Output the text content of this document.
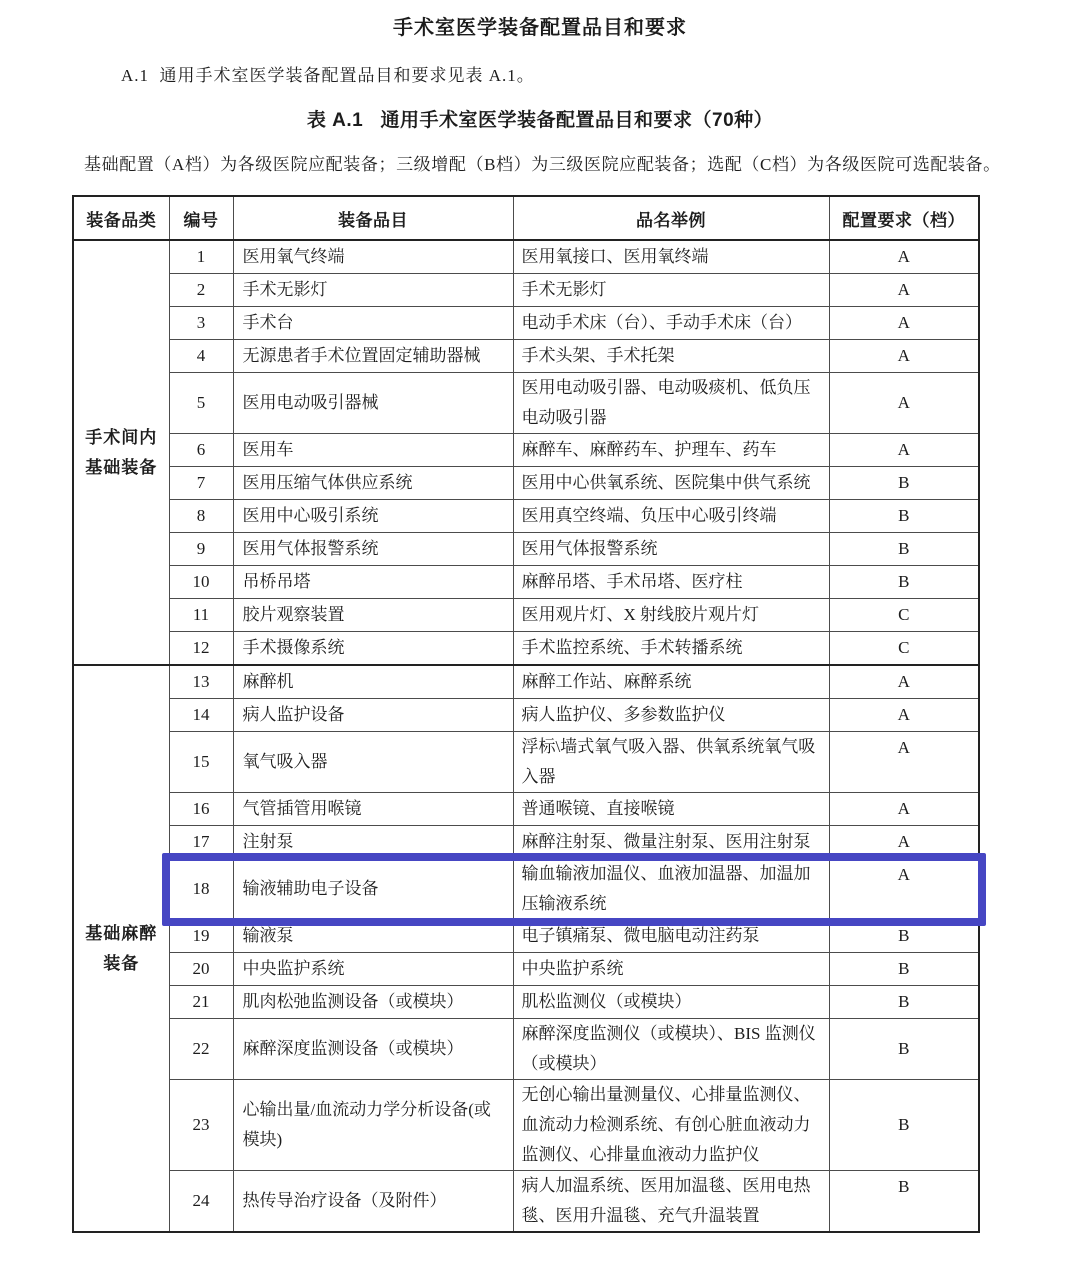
手术室医学装备配置品目和要求
A.1  通用手术室医学装备配置品目和要求见表 A.1。
表 A.1   通用手术室医学装备配置品目和要求（70种）
基础配置（A档）为各级医院应配装备；三级增配（B档）为三级医院应配装备；选配（C档）为各级医院可选配装备。
装备品类	编号	装备品目	品名举例	配置要求（档）

手术间内
基础装备	1	医用氧气终端	医用氧接口、医用氧终端	A
	2	手术无影灯	手术无影灯	A
	3	手术台	电动手术床（台）、手动手术床（台）	A
	4	无源患者手术位置固定辅助器械	手术头架、手术托架	A
	5	医用电动吸引器械	医用电动吸引器、电动吸痰机、低负压电动吸引器	A
	6	医用车	麻醉车、麻醉药车、护理车、药车	A
	7	医用压缩气体供应系统	医用中心供氧系统、医院集中供气系统	B
	8	医用中心吸引系统	医用真空终端、负压中心吸引终端	B
	9	医用气体报警系统	医用气体报警系统	B
	10	吊桥吊塔	麻醉吊塔、手术吊塔、医疗柱	B
	11	胶片观察装置	医用观片灯、X 射线胶片观片灯	C
	12	手术摄像系统	手术监控系统、手术转播系统	C

基础麻醉
装备	13	麻醉机	麻醉工作站、麻醉系统	A
	14	病人监护设备	病人监护仪、多参数监护仪	A
	15	氧气吸入器	浮标\墙式氧气吸入器、供氧系统氧气吸入器	A
	16	气管插管用喉镜	普通喉镜、直接喉镜	A
	17	注射泵	麻醉注射泵、微量注射泵、医用注射泵	A
	18	输液辅助电子设备	输血输液加温仪、血液加温器、加温加压输液系统	A
	19	输液泵	电子镇痛泵、微电脑电动注药泵	B
	20	中央监护系统	中央监护系统	B
	21	肌肉松弛监测设备（或模块）	肌松监测仪（或模块）	B
	22	麻醉深度监测设备（或模块）	麻醉深度监测仪（或模块）、BIS 监测仪（或模块）	B
	23	心输出量/血流动力学分析设备(或模块)	无创心输出量测量仪、心排量监测仪、血流动力检测系统、有创心脏血液动力监测仪、心排量血液动力监护仪	B
	24	热传导治疗设备（及附件）	病人加温系统、医用加温毯、医用电热毯、医用升温毯、充气升温装置	B
